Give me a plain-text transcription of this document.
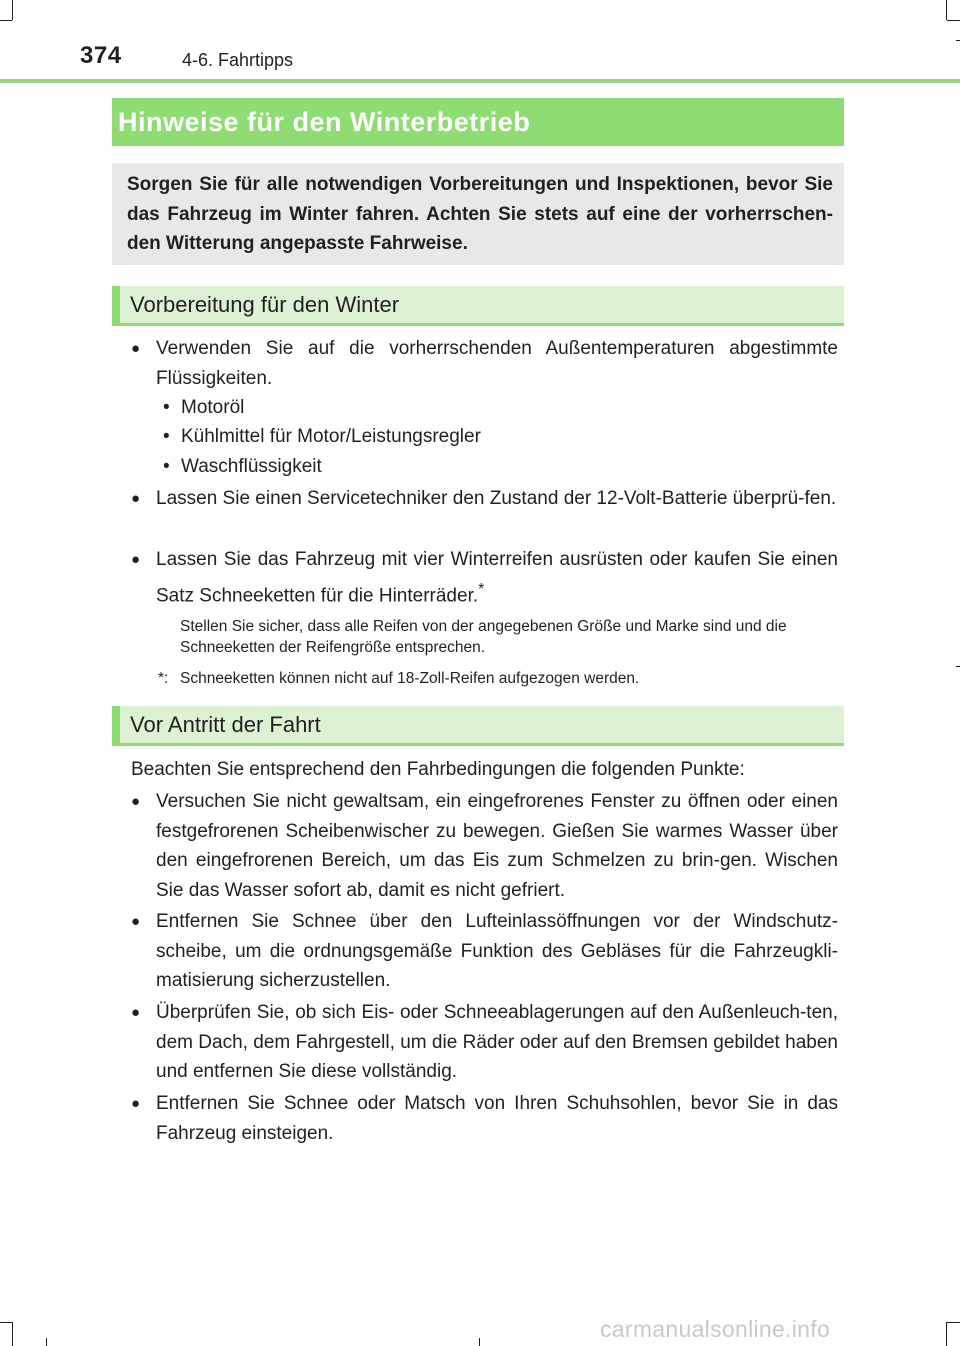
374	4-6. Fahrtipps
Hinweise für den Winterbetrieb
Sorgen Sie für alle notwendigen Vorbereitungen und Inspektionen, bevor Sie das Fahrzeug im Winter fahren. Achten Sie stets auf eine der vorherrschen-den Witterung angepasste Fahrweise.
Vorbereitung für den Winter
● Verwenden Sie auf die vorherrschenden Außentemperaturen abgestimmte Flüssigkeiten.
• Motoröl
• Kühlmittel für Motor/Leistungsregler
• Waschflüssigkeit
● Lassen Sie einen Servicetechniker den Zustand der 12-Volt-Batterie überprü-fen.
● Lassen Sie das Fahrzeug mit vier Winterreifen ausrüsten oder kaufen Sie einen Satz Schneeketten für die Hinterräder.*
Stellen Sie sicher, dass alle Reifen von der angegebenen Größe und Marke sind und die Schneeketten der Reifengröße entsprechen.
*: Schneeketten können nicht auf 18-Zoll-Reifen aufgezogen werden.
Vor Antritt der Fahrt
Beachten Sie entsprechend den Fahrbedingungen die folgenden Punkte:
● Versuchen Sie nicht gewaltsam, ein eingefrorenes Fenster zu öffnen oder einen festgefrorenen Scheibenwischer zu bewegen. Gießen Sie warmes Wasser über den eingefrorenen Bereich, um das Eis zum Schmelzen zu brin-gen. Wischen Sie das Wasser sofort ab, damit es nicht gefriert.
● Entfernen Sie Schnee über den Lufteinlassöffnungen vor der Windschutz-scheibe, um die ordnungsgemäße Funktion des Gebläses für die Fahrzeugkli-matisierung sicherzustellen.
● Überprüfen Sie, ob sich Eis- oder Schneeablagerungen auf den Außenleuch-ten, dem Dach, dem Fahrgestell, um die Räder oder auf den Bremsen gebildet haben und entfernen Sie diese vollständig.
● Entfernen Sie Schnee oder Matsch von Ihren Schuhsohlen, bevor Sie in das Fahrzeug einsteigen.
carmanualsonline.info
